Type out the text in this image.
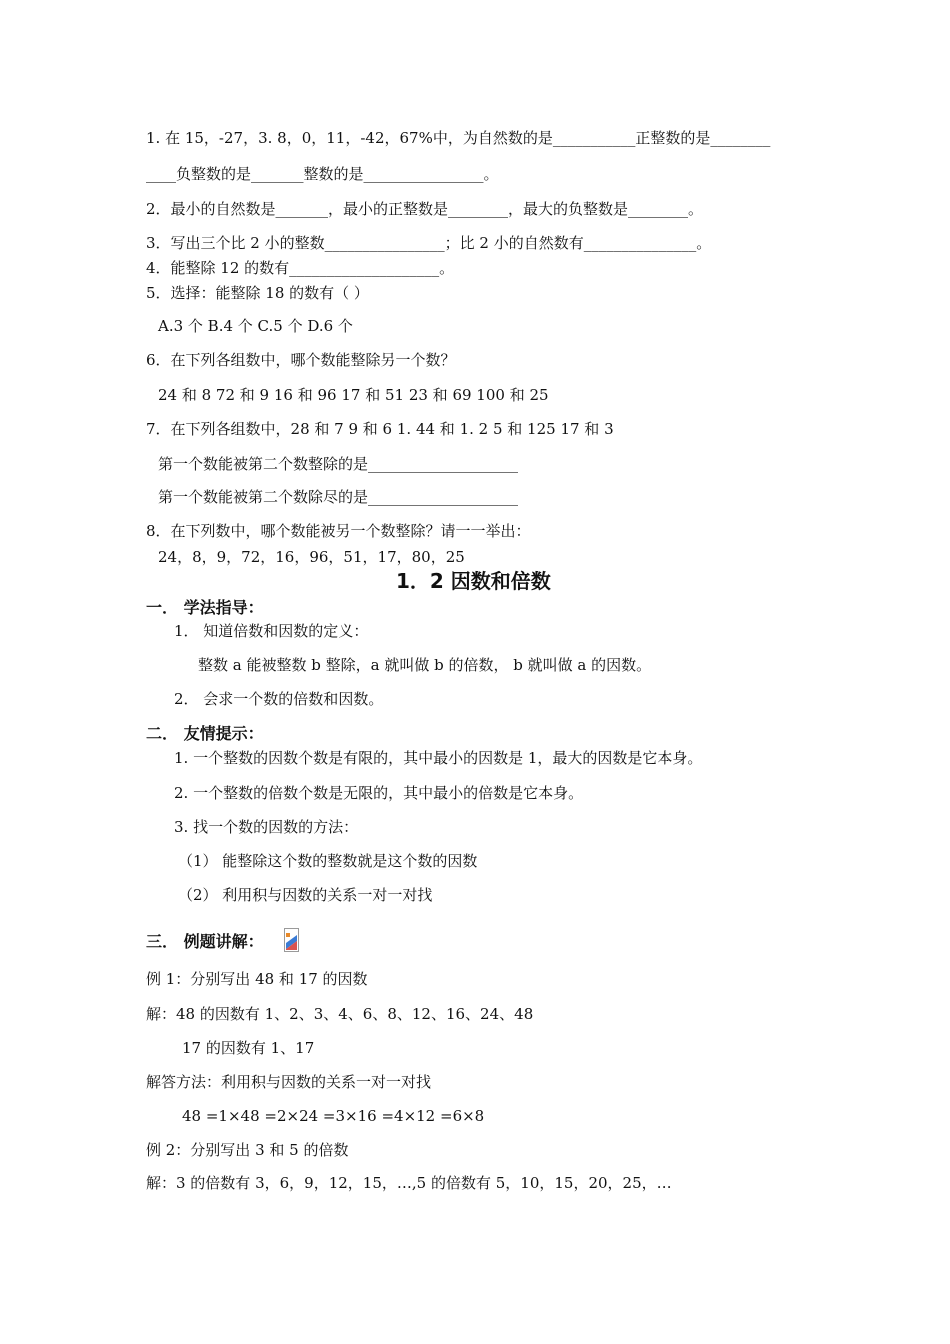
1. 在 15，-27，3. 8，0，11，-42，67%中，为自然数的是___________正整数的是________
____负整数的是_______整数的是________________。
2．最小的自然数是_______，最小的正整数是________，最大的负整数是________。
3．写出三个比 2 小的整数________________；比 2 小的自然数有_______________。
4．能整除 12 的数有____________________。
5．选择：能整除 18 的数有（ ）
A.3 个 B.4 个 C.5 个 D.6 个
6．在下列各组数中，哪个数能整除另一个数？
24 和 8 72 和 9 16 和 96 17 和 51 23 和 69 100 和 25
7．在下列各组数中，28 和 7 9 和 6 1. 44 和 1. 2 5 和 125 17 和 3
第一个数能被第二个数整除的是____________________
第一个数能被第二个数除尽的是____________________
8．在下列数中，哪个数能被另一个数整除？请一一举出：
24，8，9，72，16，96，51，17，80，25
1．2 因数和倍数
一． 学法指导：
1． 知道倍数和因数的定义：
整数 a 能被整数 b 整除，a 就叫做 b 的倍数， b 就叫做 a 的因数。
2． 会求一个数的倍数和因数。
二． 友情提示：
1. 一个整数的因数个数是有限的，其中最小的因数是 1，最大的因数是它本身。
2. 一个整数的倍数个数是无限的，其中最小的倍数是它本身。
3. 找一个数的因数的方法：
（1） 能整除这个数的整数就是这个数的因数
（2） 利用积与因数的关系一对一对找
三． 例题讲解：
例 1：分别写出 48 和 17 的因数
解：48 的因数有 1、2、3、4、6、8、12、16、24、48
17 的因数有 1、17
解答方法：利用积与因数的关系一对一对找
48 =1×48 =2×24 =3×16 =4×12 =6×8
例 2：分别写出 3 和 5 的倍数
解：3 的倍数有 3，6，9，12，15，…,5 的倍数有 5，10，15，20，25，…
